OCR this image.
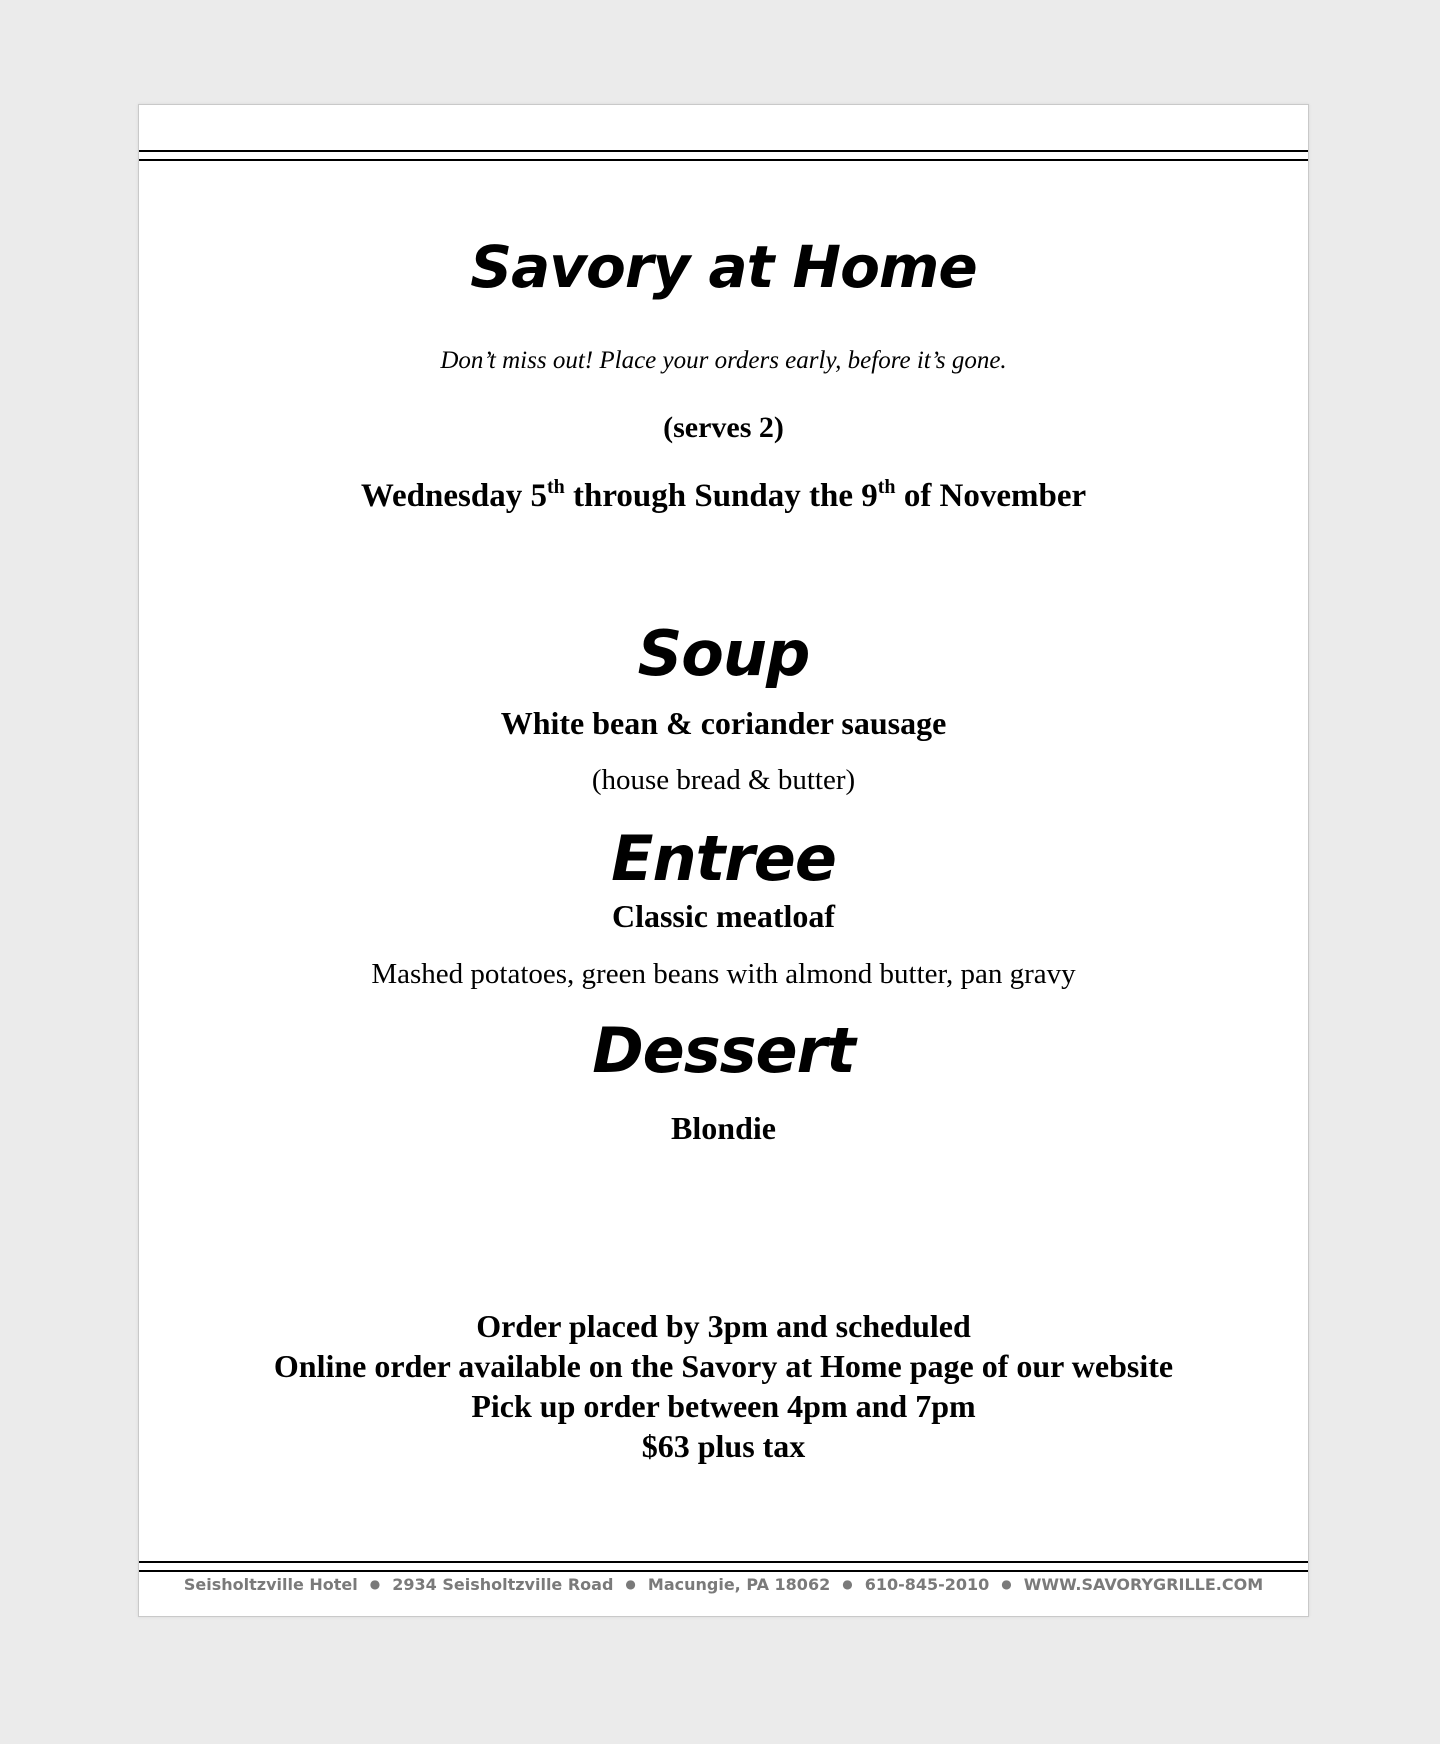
Savory at Home
Don’t miss out! Place your orders early, before it’s gone.
(serves 2)
Wednesday 5th through Sunday the 9th of November
Soup
White bean & coriander sausage
(house bread & butter)
Entree
Classic meatloaf
Mashed potatoes, green beans with almond butter, pan gravy
Dessert
Blondie
Order placed by 3pm and scheduled
Online order available on the Savory at Home page of our website
Pick up order between 4pm and 7pm
$63 plus tax
Seisholtzville Hotel ● 2934 Seisholtzville Road ● Macungie, PA 18062 ● 610-845-2010 ● WWW.SAVORYGRILLE.COM
